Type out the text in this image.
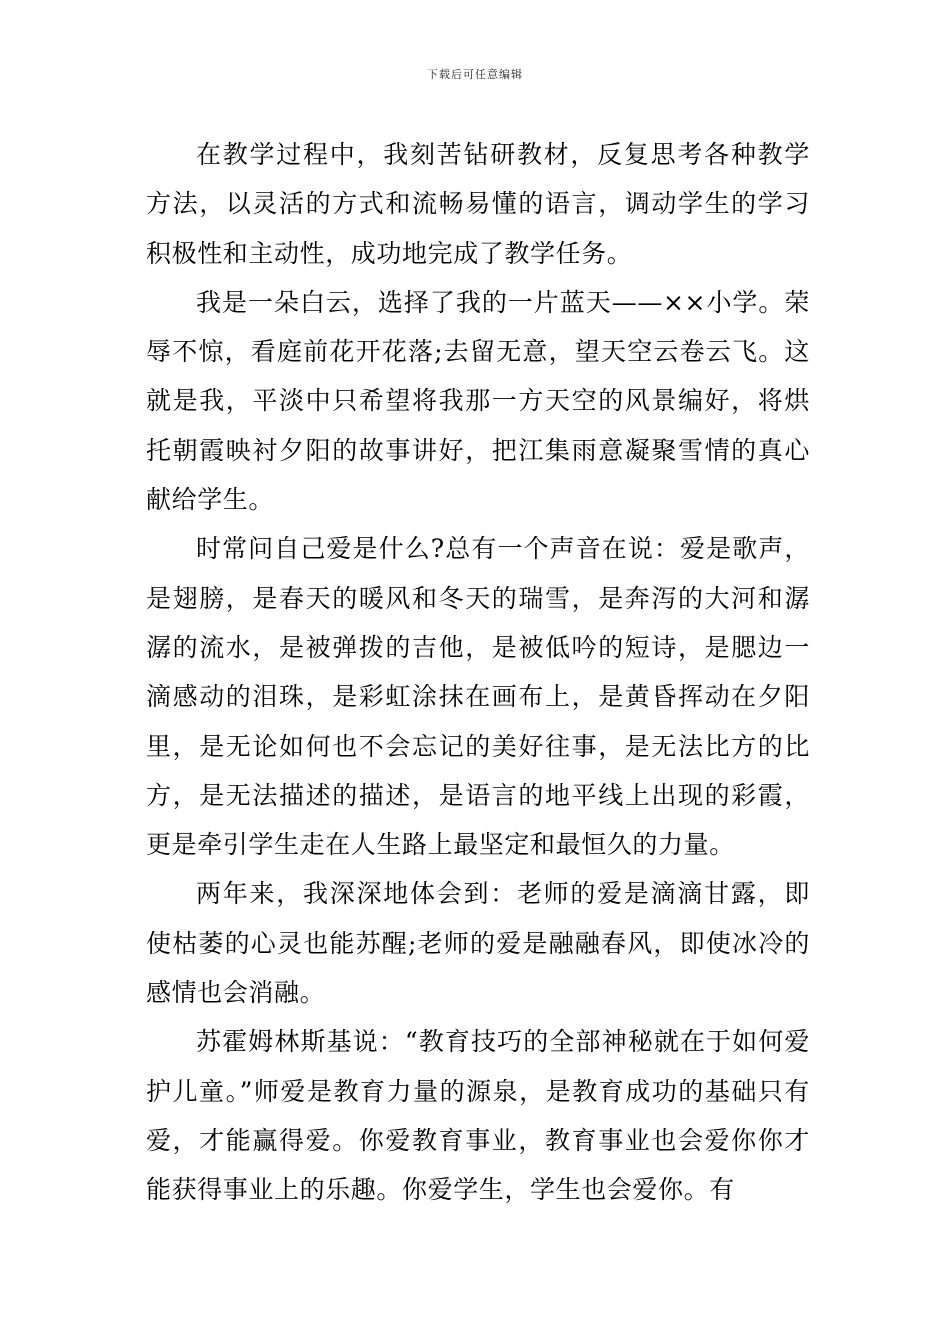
下载后可任意编辑

在教学过程中，我刻苦钻研教材，反复思考各种教学方法，以灵活的方式和流畅易懂的语言，调动学生的学习积极性和主动性，成功地完成了教学任务。

我是一朵白云，选择了我的一片蓝天——××小学。荣辱不惊，看庭前花开花落;去留无意，望天空云卷云飞。这就是我，平淡中只希望将我那一方天空的风景编好，将烘托朝霞映衬夕阳的故事讲好，把江集雨意凝聚雪情的真心献给学生。

时常问自己爱是什么?总有一个声音在说：爱是歌声，是翅膀，是春天的暖风和冬天的瑞雪，是奔泻的大河和潺潺的流水，是被弹拨的吉他，是被低吟的短诗，是腮边一滴感动的泪珠，是彩虹涂抹在画布上，是黄昏挥动在夕阳里，是无论如何也不会忘记的美好往事，是无法比方的比方，是无法描述的描述，是语言的地平线上出现的彩霞，更是牵引学生走在人生路上最坚定和最恒久的力量。

两年来，我深深地体会到：老师的爱是滴滴甘露，即使枯萎的心灵也能苏醒;老师的爱是融融春风，即使冰冷的感情也会消融。

苏霍姆林斯基说：“教育技巧的全部神秘就在于如何爱护儿童。”师爱是教育力量的源泉，是教育成功的基础只有爱，才能赢得爱。你爱教育事业，教育事业也会爱你你才能获得事业上的乐趣。你爱学生，学生也会爱你。有
